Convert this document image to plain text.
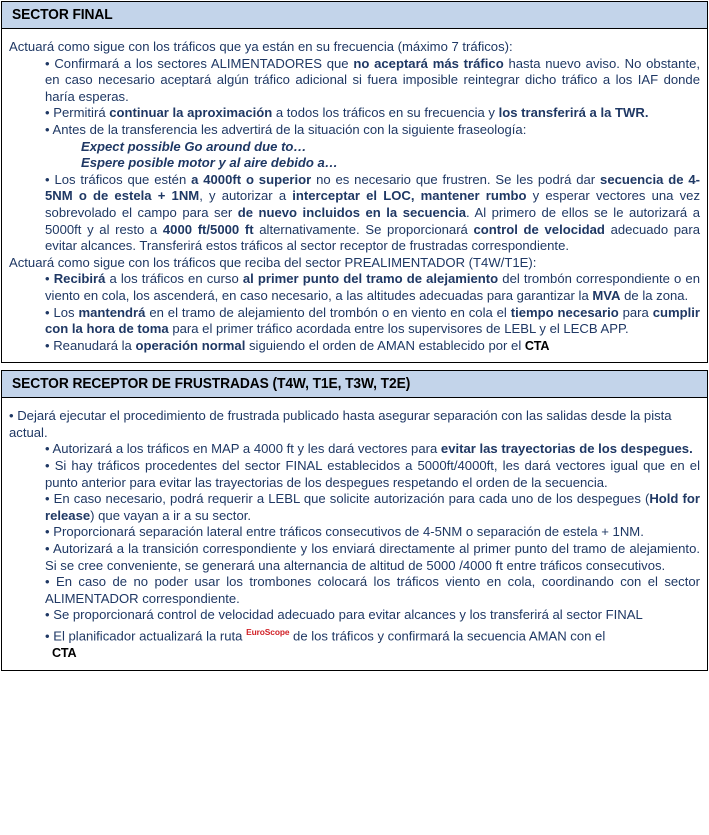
SECTOR FINAL

Actuará como sigue con los tráficos que ya están en su frecuencia (máximo 7 tráficos):

• Confirmará a los sectores ALIMENTADORES que no aceptará más tráfico hasta nuevo aviso. No obstante, en caso necesario aceptará algún tráfico adicional si fuera imposible reintegrar dicho tráfico a los IAF donde haría esperas.

• Permitirá continuar la aproximación a todos los tráficos en su frecuencia y los transferirá a la TWR.

• Antes de la transferencia les advertirá de la situación con la siguiente fraseología:

Expect possible Go around due to…

Espere posible motor y al aire debido a…

• Los tráficos que estén a 4000ft o superior no es necesario que frustren. Se les podrá dar secuencia de 4-5NM o de estela + 1NM, y autorizar a interceptar el LOC, mantener rumbo y esperar vectores una vez sobrevolado el campo para ser de nuevo incluidos en la secuencia. Al primero de ellos se le autorizará a 5000ft y al resto a 4000 ft/5000 ft alternativamente. Se proporcionará control de velocidad adecuado para evitar alcances. Transferirá estos tráficos al sector receptor de frustradas correspondiente.

Actuará como sigue con los tráficos que reciba del sector PREALIMENTADOR (T4W/T1E):

• Recibirá a los tráficos en curso al primer punto del tramo de alejamiento del trombón correspondiente o en viento en cola, los ascenderá, en caso necesario, a las altitudes adecuadas para garantizar la MVA de la zona.

• Los mantendrá en el tramo de alejamiento del trombón o en viento en cola el tiempo necesario para cumplir con la hora de toma para el primer tráfico acordada entre los supervisores de LEBL y el LECB APP.

• Reanudará la operación normal siguiendo el orden de AMAN establecido por el CTA

SECTOR RECEPTOR DE FRUSTRADAS (T4W, T1E, T3W, T2E)

• Dejará ejecutar el procedimiento de frustrada publicado hasta asegurar separación con las salidas desde la pista actual.

• Autorizará a los tráficos en MAP a 4000 ft y les dará vectores para evitar las trayectorias de los despegues.

• Si hay tráficos procedentes del sector FINAL establecidos a 5000ft/4000ft, les dará vectores igual que en el punto anterior para evitar las trayectorias de los despegues respetando el orden de la secuencia.

• En caso necesario, podrá requerir a LEBL que solicite autorización para cada uno de los despegues (Hold for release) que vayan a ir a su sector.

• Proporcionará separación lateral entre tráficos consecutivos de 4-5NM o separación de estela + 1NM.

• Autorizará a la transición correspondiente y los enviará directamente al primer punto del tramo de alejamiento. Si se cree conveniente, se generará una alternancia de altitud de 5000 /4000 ft entre tráficos consecutivos.

• En caso de no poder usar los trombones colocará los tráficos viento en cola, coordinando con el sector ALIMENTADOR correspondiente.

• Se proporcionará control de velocidad adecuado para evitar alcances y los transferirá al sector FINAL

• El planificador actualizará la ruta $^{EuroScope}$ de los tráficos y confirmará la secuencia AMAN con el

CTA
